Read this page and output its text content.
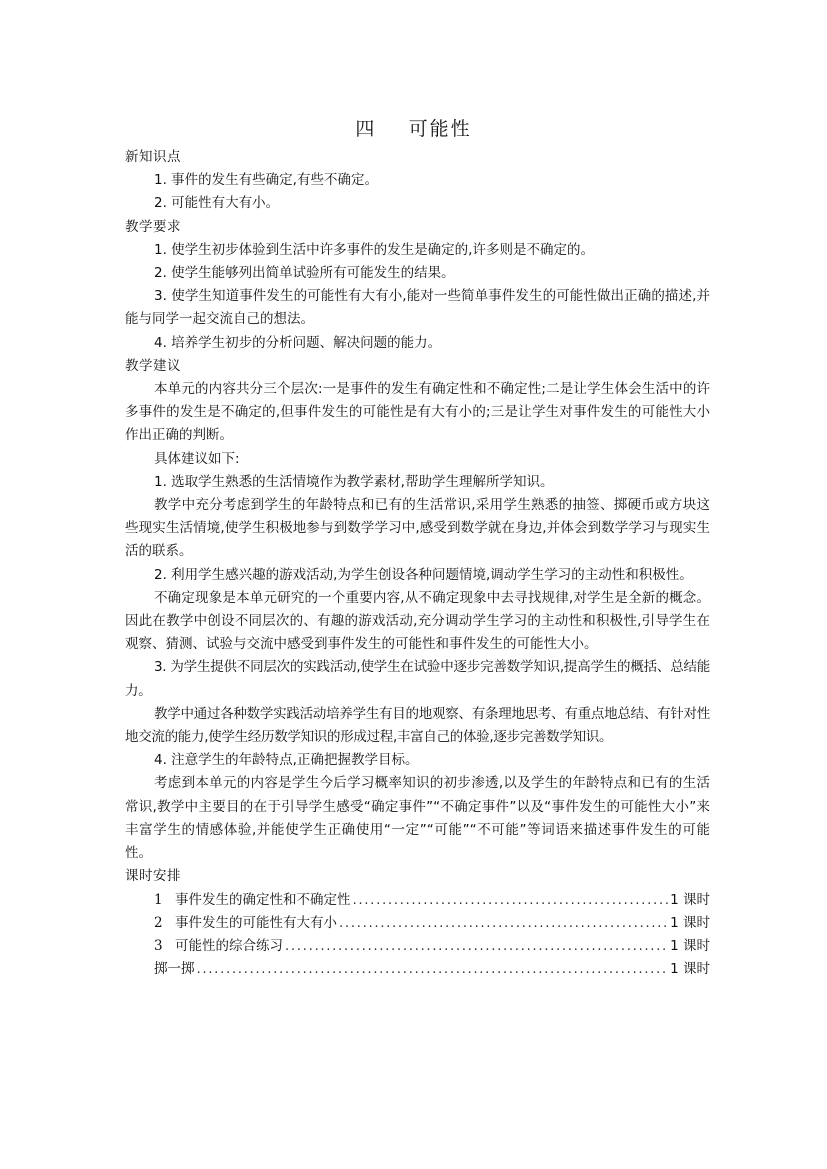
四    可能性

新知识点

1. 事件的发生有些确定,有些不确定。

2. 可能性有大有小。

教学要求

1. 使学生初步体验到生活中许多事件的发生是确定的,许多则是不确定的。

2. 使学生能够列出简单试验所有可能发生的结果。

3. 使学生知道事件发生的可能性有大有小,能对一些简单事件发生的可能性做出正确的描述,并能与同学一起交流自己的想法。

4. 培养学生初步的分析问题、解决问题的能力。

教学建议

本单元的内容共分三个层次:一是事件的发生有确定性和不确定性;二是让学生体会生活中的许多事件的发生是不确定的,但事件发生的可能性是有大有小的;三是让学生对事件发生的可能性大小作出正确的判断。

具体建议如下:

1. 选取学生熟悉的生活情境作为教学素材,帮助学生理解所学知识。

教学中充分考虑到学生的年龄特点和已有的生活常识,采用学生熟悉的抽签、掷硬币或方块这些现实生活情境,使学生积极地参与到数学学习中,感受到数学就在身边,并体会到数学学习与现实生活的联系。

2. 利用学生感兴趣的游戏活动,为学生创设各种问题情境,调动学生学习的主动性和积极性。

不确定现象是本单元研究的一个重要内容,从不确定现象中去寻找规律,对学生是全新的概念。因此在教学中创设不同层次的、有趣的游戏活动,充分调动学生学习的主动性和积极性,引导学生在观察、猜测、试验与交流中感受到事件发生的可能性和事件发生的可能性大小。

3. 为学生提供不同层次的实践活动,使学生在试验中逐步完善数学知识,提高学生的概括、总结能力。

教学中通过各种数学实践活动培养学生有目的地观察、有条理地思考、有重点地总结、有针对性地交流的能力,使学生经历数学知识的形成过程,丰富自己的体验,逐步完善数学知识。

4. 注意学生的年龄特点,正确把握教学目标。

考虑到本单元的内容是学生今后学习概率知识的初步渗透,以及学生的年龄特点和已有的生活常识,教学中主要目的在于引导学生感受“确定事件”“不确定事件”以及“事件发生的可能性大小”来丰富学生的情感体验,并能使学生正确使用“一定”“可能”“不可能”等词语来描述事件发生的可能性。

课时安排

1 事件发生的确定性和不确定性 .....	1 课时
2 事件发生的可能性有大有小 .....	1 课时
3 可能性的综合练习 .....	1 课时
掷一掷 .....	1 课时
